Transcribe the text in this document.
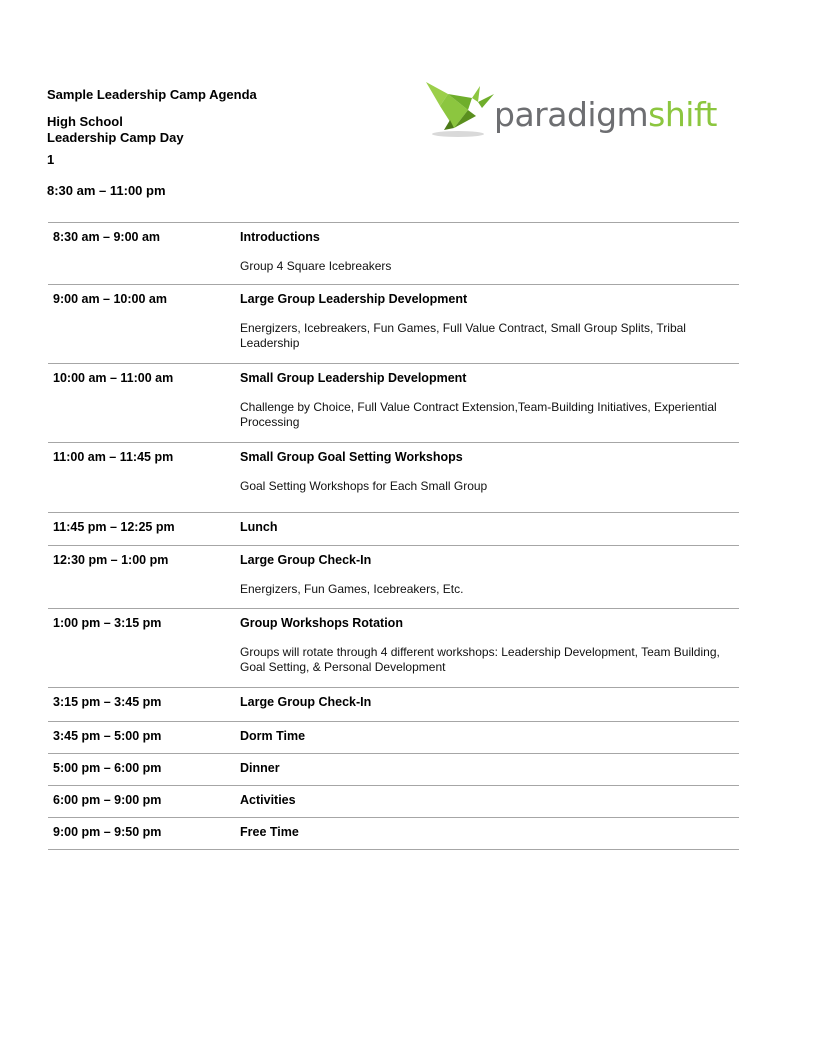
Sample Leadership Camp Agenda
High School
Leadership Camp Day
1
8:30 am – 11:00 pm
paradigmshift
8:30 am – 9:00 am	Introductions
Group 4 Square Icebreakers
9:00 am – 10:00 am	Large Group Leadership Development
Energizers, Icebreakers, Fun Games, Full Value Contract, Small Group Splits, Tribal Leadership
10:00 am – 11:00 am	Small Group Leadership Development
Challenge by Choice, Full Value Contract Extension,Team-Building Initiatives, Experiential Processing
11:00 am – 11:45 pm	Small Group Goal Setting Workshops
Goal Setting Workshops for Each Small Group
11:45 pm – 12:25 pm	Lunch
12:30 pm – 1:00 pm	Large Group Check-In
Energizers, Fun Games, Icebreakers, Etc.
1:00 pm – 3:15 pm	Group Workshops Rotation
Groups will rotate through 4 different workshops: Leadership Development, Team Building, Goal Setting, & Personal Development
3:15 pm – 3:45 pm	Large Group Check-In
3:45 pm – 5:00 pm	Dorm Time
5:00 pm – 6:00 pm	Dinner
6:00 pm – 9:00 pm	Activities
9:00 pm – 9:50 pm	Free Time
